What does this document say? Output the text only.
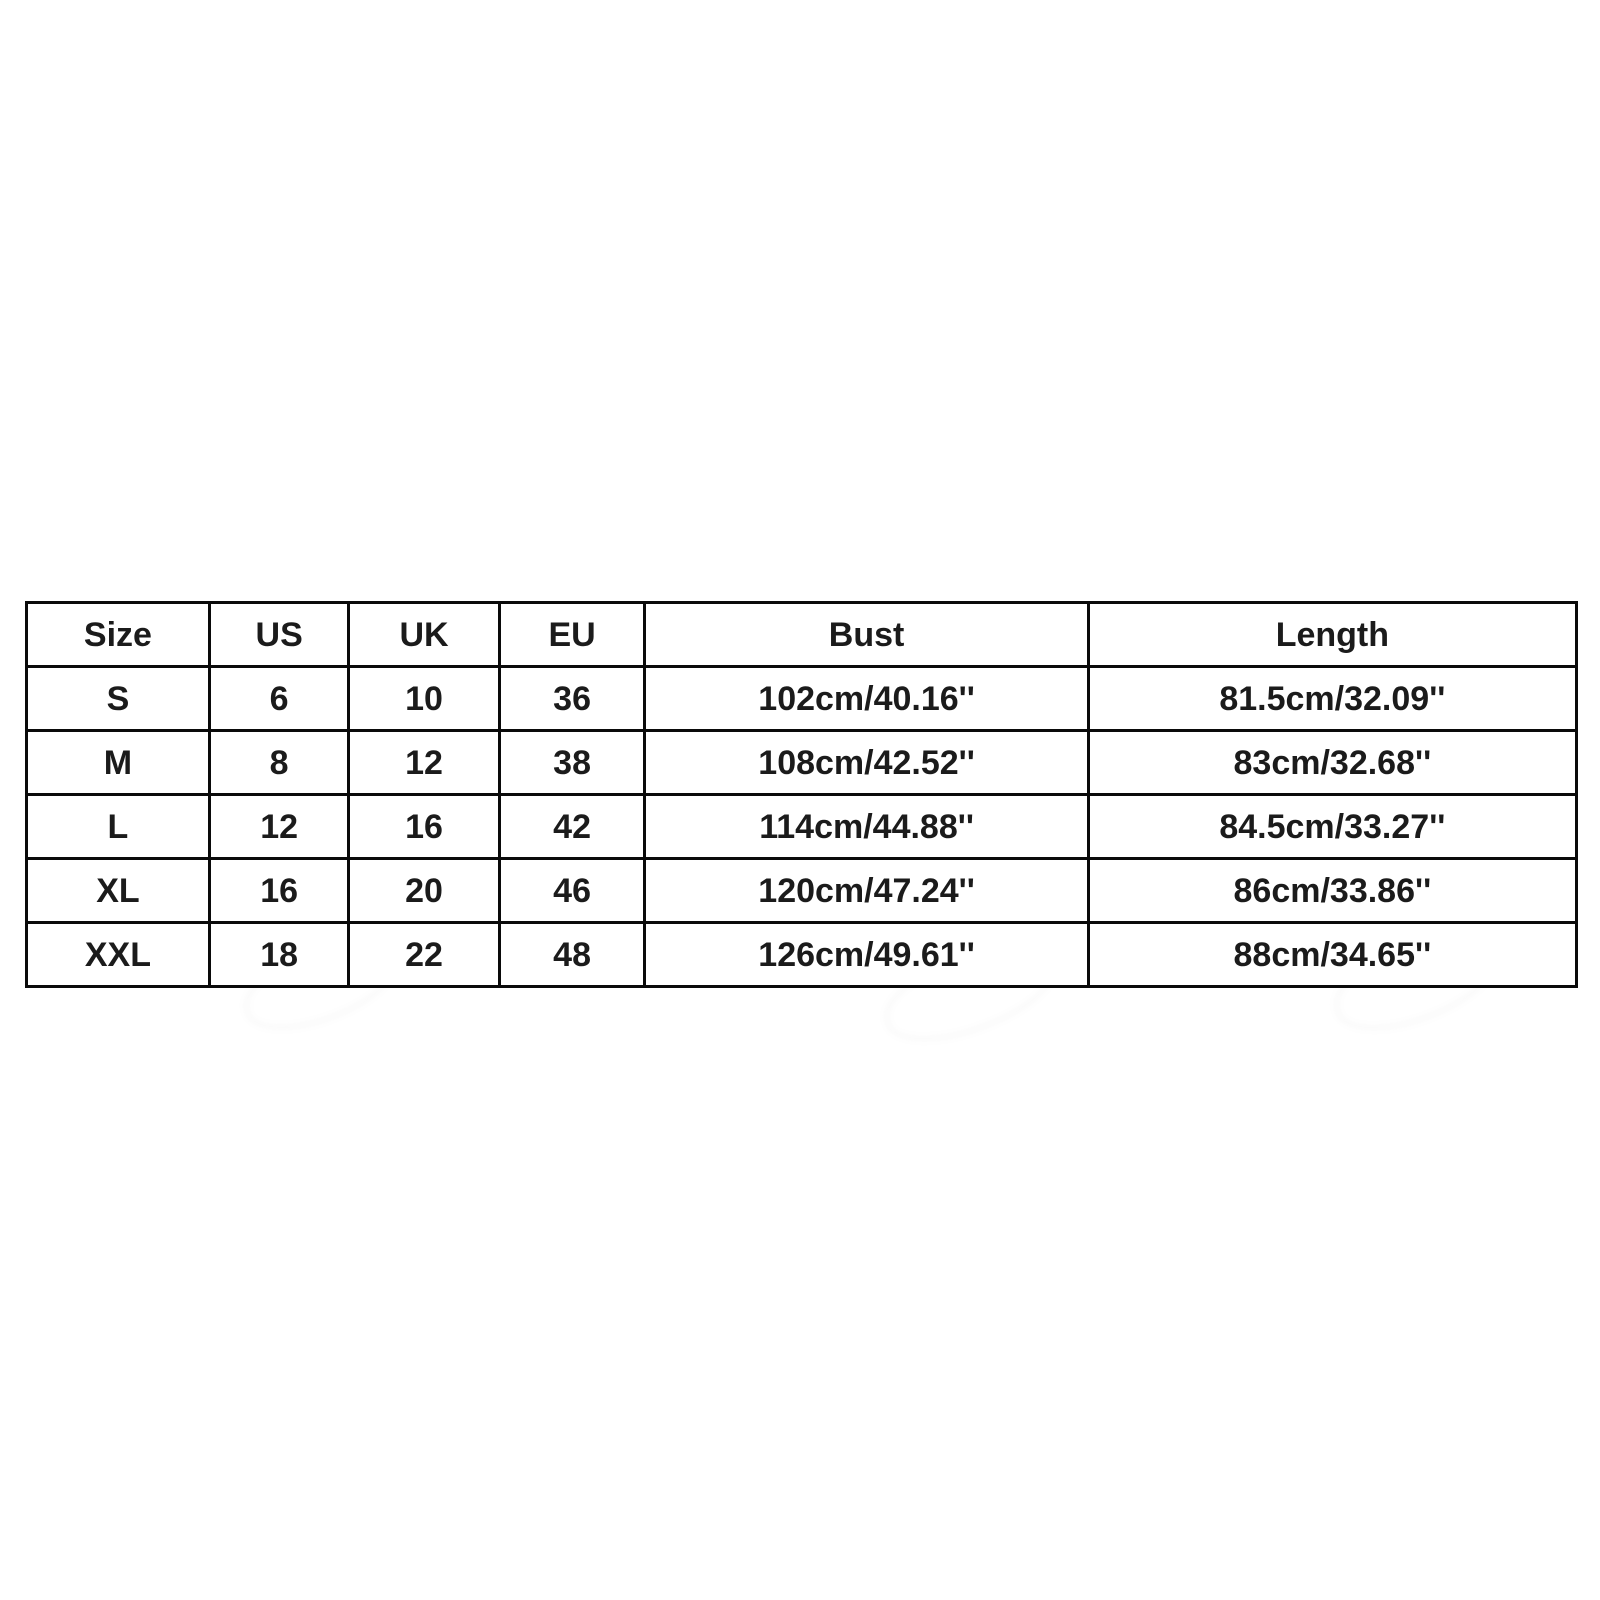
Size	US	UK	EU	Bust	Length
S	6	10	36	102cm/40.16''	81.5cm/32.09''
M	8	12	38	108cm/42.52''	83cm/32.68''
L	12	16	42	114cm/44.88''	84.5cm/33.27''
XL	16	20	46	120cm/47.24''	86cm/33.86''
XXL	18	22	48	126cm/49.61''	88cm/34.65''
